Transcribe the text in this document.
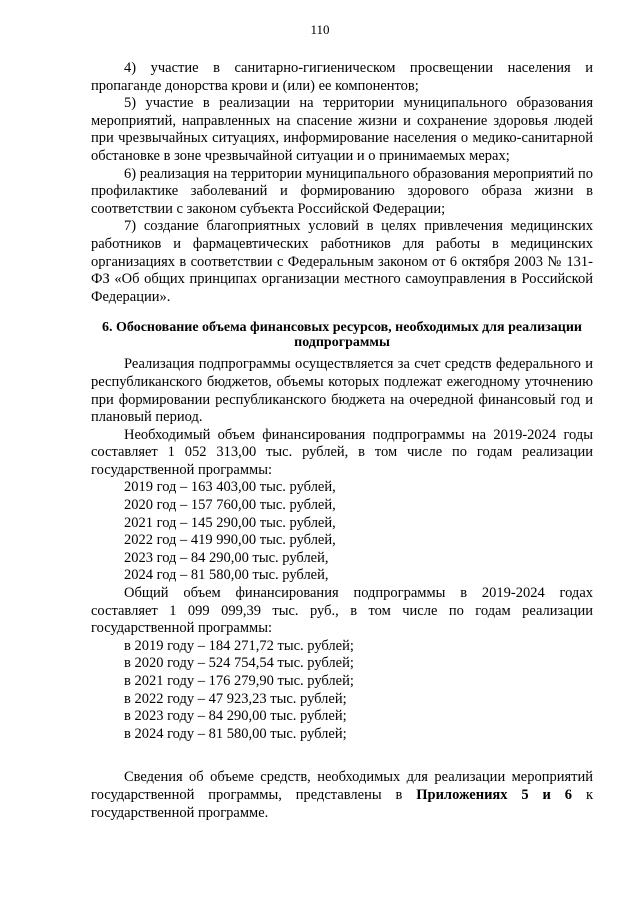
110

4) участие в санитарно-гигиеническом просвещении населения и пропаганде донорства крови и (или) ее компонентов;

5) участие в реализации на территории муниципального образования мероприятий, направленных на спасение жизни и сохранение здоровья людей при чрезвычайных ситуациях, информирование населения о медико-санитарной обстановке в зоне чрезвычайной ситуации и о принимаемых мерах;

6) реализация на территории муниципального образования мероприятий по профилактике заболеваний и формированию здорового образа жизни в соответствии с законом субъекта Российской Федерации;

7) создание благоприятных условий в целях привлечения медицинских работников и фармацевтических работников для работы в медицинских организациях в соответствии с Федеральным законом от 6 октября 2003 № 131-ФЗ «Об общих принципах организации местного самоуправления в Российской Федерации».

6. Обоснование объема финансовых ресурсов, необходимых для реализации подпрограммы

Реализация подпрограммы осуществляется за счет средств федерального и республиканского бюджетов, объемы которых подлежат ежегодному уточнению при формировании республиканского бюджета на очередной финансовый год и плановый период.

Необходимый объем финансирования подпрограммы на 2019-2024 годы составляет 1 052 313,00 тыс. рублей, в том числе по годам реализации государственной программы:

2019 год – 163 403,00 тыс. рублей,
2020 год – 157 760,00 тыс. рублей,
2021 год – 145 290,00 тыс. рублей,
2022 год – 419 990,00 тыс. рублей,
2023 год – 84 290,00 тыс. рублей,
2024 год – 81 580,00 тыс. рублей,

Общий объем финансирования подпрограммы в 2019-2024 годах составляет 1 099 099,39 тыс. руб., в том числе по годам реализации государственной программы:

в 2019 году – 184 271,72 тыс. рублей;
в 2020 году – 524 754,54 тыс. рублей;
в 2021 году – 176 279,90 тыс. рублей;
в 2022 году – 47 923,23 тыс. рублей;
в 2023 году – 84 290,00 тыс. рублей;
в 2024 году – 81 580,00 тыс. рублей;

Сведения об объеме средств, необходимых для реализации мероприятий государственной программы, представлены в Приложениях 5 и 6 к государственной программе.
